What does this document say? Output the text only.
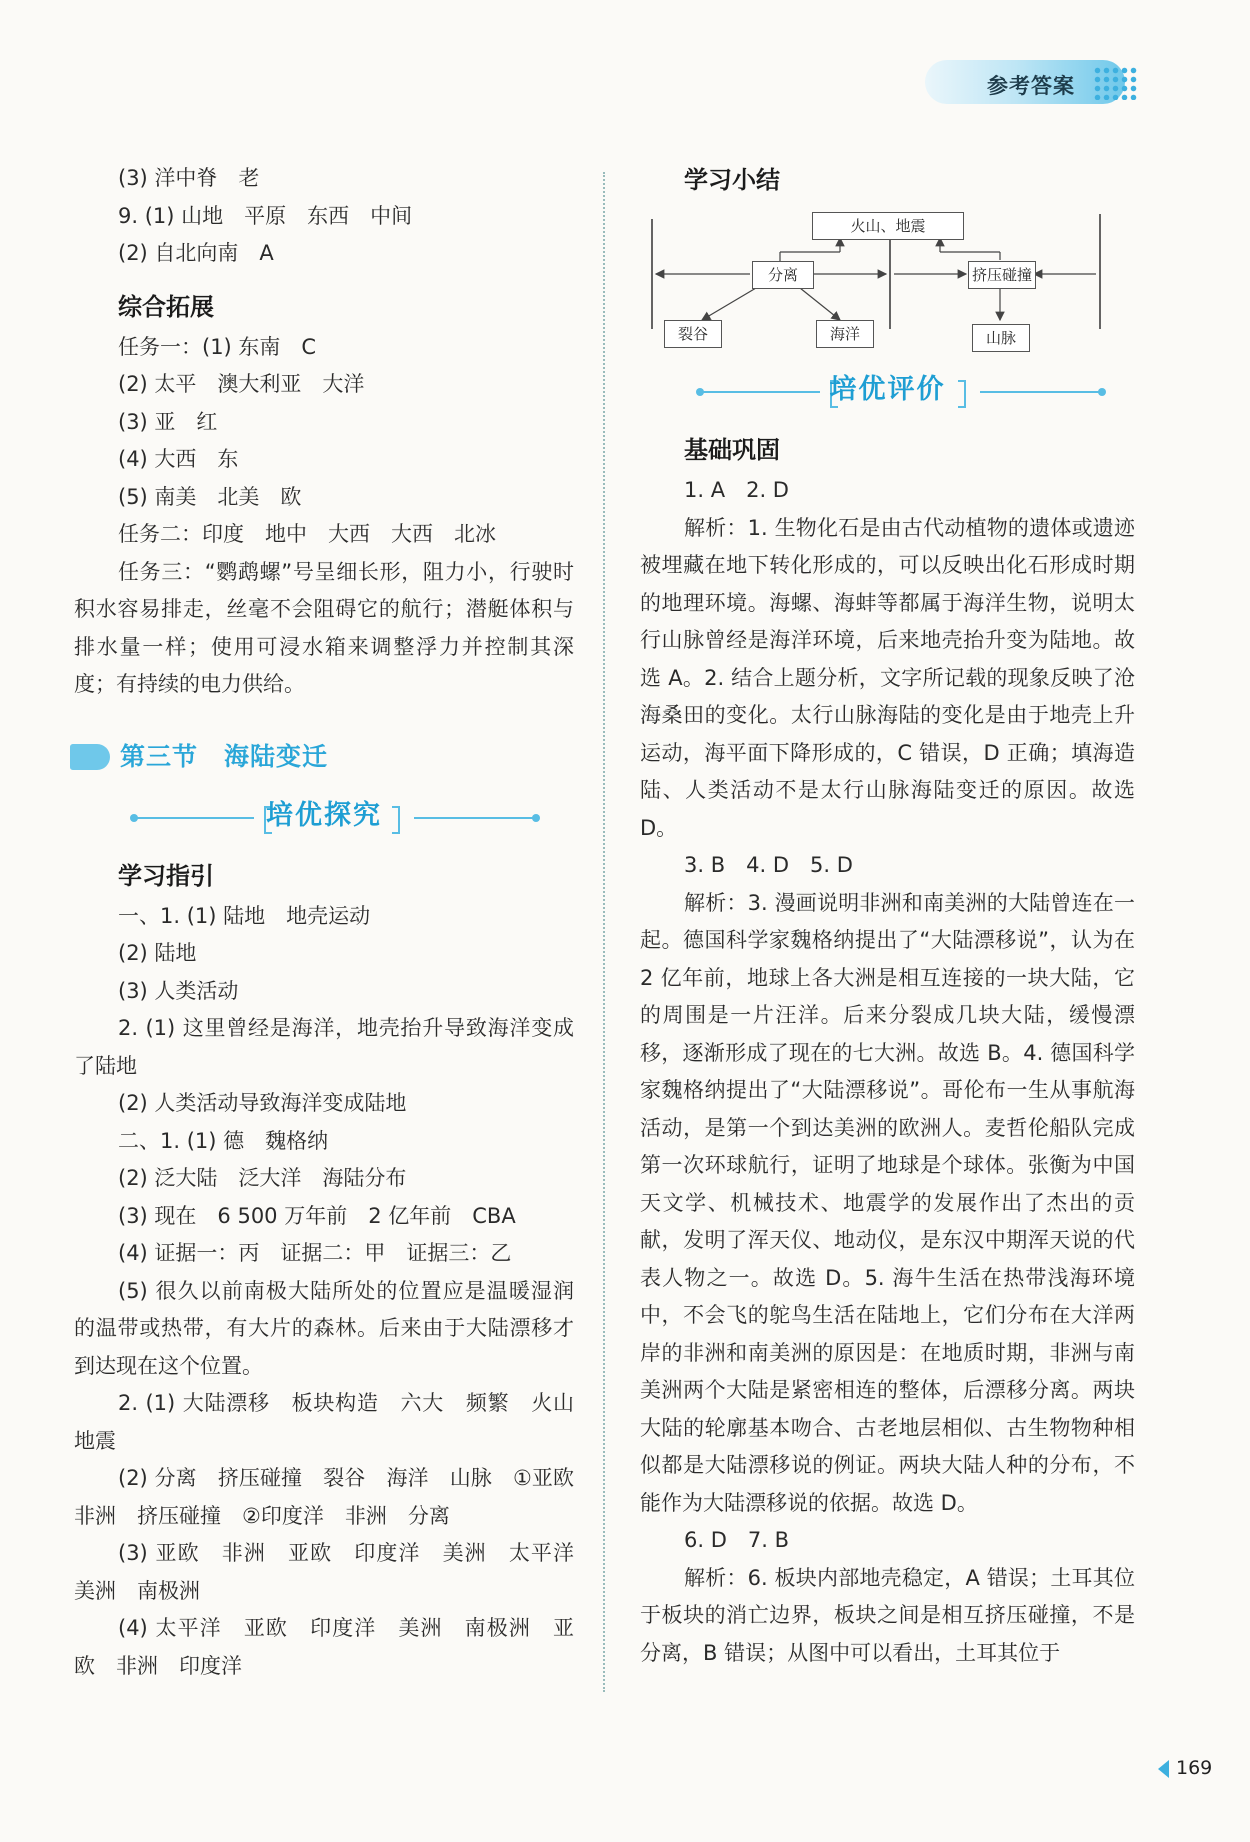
参考答案
(3) 洋中脊　老
9. (1) 山地　平原　东西　中间
(2) 自北向南　A
综合拓展
任务一：(1) 东南　C
(2) 太平　澳大利亚　大洋
(3) 亚　红
(4) 大西　东
(5) 南美　北美　欧
任务二：印度　地中　大西　大西　北冰
任务三：“鹦鹉螺”号呈细长形，阻力小，行驶时积水容易排走，丝毫不会阻碍它的航行；潜艇体积与排水量一样；使用可浸水箱来调整浮力并控制其深度；有持续的电力供给。
第三节　海陆变迁
培优探究
学习指引
一、1. (1) 陆地　地壳运动
(2) 陆地
(3) 人类活动
2. (1) 这里曾经是海洋，地壳抬升导致海洋变成了陆地
(2) 人类活动导致海洋变成陆地
二、1. (1) 德　魏格纳
(2) 泛大陆　泛大洋　海陆分布
(3) 现在　6 500 万年前　2 亿年前　CBA
(4) 证据一：丙　证据二：甲　证据三：乙
(5) 很久以前南极大陆所处的位置应是温暖湿润的温带或热带，有大片的森林。后来由于大陆漂移才到达现在这个位置。
2. (1) 大陆漂移　板块构造　六大　频繁　火山　地震
(2) 分离　挤压碰撞　裂谷　海洋　山脉　①亚欧　非洲　挤压碰撞　②印度洋　非洲　分离
(3) 亚欧　非洲　亚欧　印度洋　美洲　太平洋　美洲　南极洲
(4) 太平洋　亚欧　印度洋　美洲　南极洲　亚欧　非洲　印度洋
学习小结
火山、地震
分离	挤压碰撞
裂谷	海洋	山脉
培优评价
基础巩固
1. A　2. D
解析：1. 生物化石是由古代动植物的遗体或遗迹被埋藏在地下转化形成的，可以反映出化石形成时期的地理环境。海螺、海蚌等都属于海洋生物，说明太行山脉曾经是海洋环境，后来地壳抬升变为陆地。故选 A。2. 结合上题分析，文字所记载的现象反映了沧海桑田的变化。太行山脉海陆的变化是由于地壳上升运动，海平面下降形成的，C 错误，D 正确；填海造陆、人类活动不是太行山脉海陆变迁的原因。故选 D。
3. B　4. D　5. D
解析：3. 漫画说明非洲和南美洲的大陆曾连在一起。德国科学家魏格纳提出了“大陆漂移说”，认为在 2 亿年前，地球上各大洲是相互连接的一块大陆，它的周围是一片汪洋。后来分裂成几块大陆，缓慢漂移，逐渐形成了现在的七大洲。故选 B。4. 德国科学家魏格纳提出了“大陆漂移说”。哥伦布一生从事航海活动，是第一个到达美洲的欧洲人。麦哲伦船队完成第一次环球航行，证明了地球是个球体。张衡为中国天文学、机械技术、地震学的发展作出了杰出的贡献，发明了浑天仪、地动仪，是东汉中期浑天说的代表人物之一。故选 D。5. 海牛生活在热带浅海环境中，不会飞的鸵鸟生活在陆地上，它们分布在大洋两岸的非洲和南美洲的原因是：在地质时期，非洲与南美洲两个大陆是紧密相连的整体，后漂移分离。两块大陆的轮廓基本吻合、古老地层相似、古生物物种相似都是大陆漂移说的例证。两块大陆人种的分布，不能作为大陆漂移说的依据。故选 D。
6. D　7. B
解析：6. 板块内部地壳稳定，A 错误；土耳其位于板块的消亡边界，板块之间是相互挤压碰撞，不是分离，B 错误；从图中可以看出，土耳其位于
169
